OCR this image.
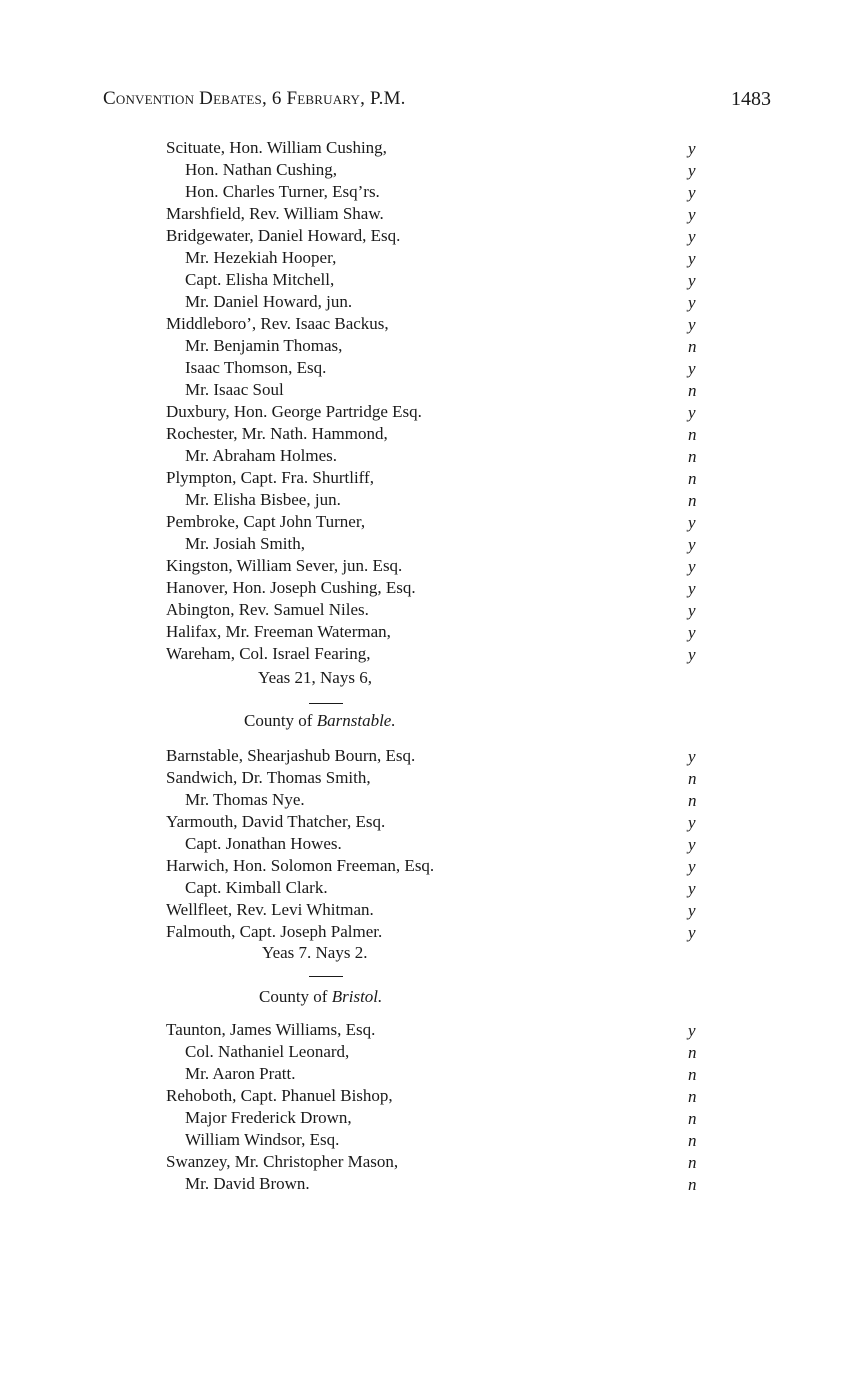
Convention Debates, 6 February, P.M.	1483
Scituate, Hon. William Cushing,	y
Hon. Nathan Cushing,	y
Hon. Charles Turner, Esq’rs.	y
Marshfield, Rev. William Shaw.	y
Bridgewater, Daniel Howard, Esq.	y
Mr. Hezekiah Hooper,	y
Capt. Elisha Mitchell,	y
Mr. Daniel Howard, jun.	y
Middleboro’, Rev. Isaac Backus,	y
Mr. Benjamin Thomas,	n
Isaac Thomson, Esq.	y
Mr. Isaac Soul	n
Duxbury, Hon. George Partridge Esq.	y
Rochester, Mr. Nath. Hammond,	n
Mr. Abraham Holmes.	n
Plympton, Capt. Fra. Shurtliff,	n
Mr. Elisha Bisbee, jun.	n
Pembroke, Capt John Turner,	y
Mr. Josiah Smith,	y
Kingston, William Sever, jun. Esq.	y
Hanover, Hon. Joseph Cushing, Esq.	y
Abington, Rev. Samuel Niles.	y
Halifax, Mr. Freeman Waterman,	y
Wareham, Col. Israel Fearing,	y
Yeas 21, Nays 6,
County of Barnstable.
Barnstable, Shearjashub Bourn, Esq.	y
Sandwich, Dr. Thomas Smith,	n
Mr. Thomas Nye.	n
Yarmouth, David Thatcher, Esq.	y
Capt. Jonathan Howes.	y
Harwich, Hon. Solomon Freeman, Esq.	y
Capt. Kimball Clark.	y
Wellfleet, Rev. Levi Whitman.	y
Falmouth, Capt. Joseph Palmer.	y
Yeas 7. Nays 2.
County of Bristol.
Taunton, James Williams, Esq.	y
Col. Nathaniel Leonard,	n
Mr. Aaron Pratt.	n
Rehoboth, Capt. Phanuel Bishop,	n
Major Frederick Drown,	n
William Windsor, Esq.	n
Swanzey, Mr. Christopher Mason,	n
Mr. David Brown.	n
